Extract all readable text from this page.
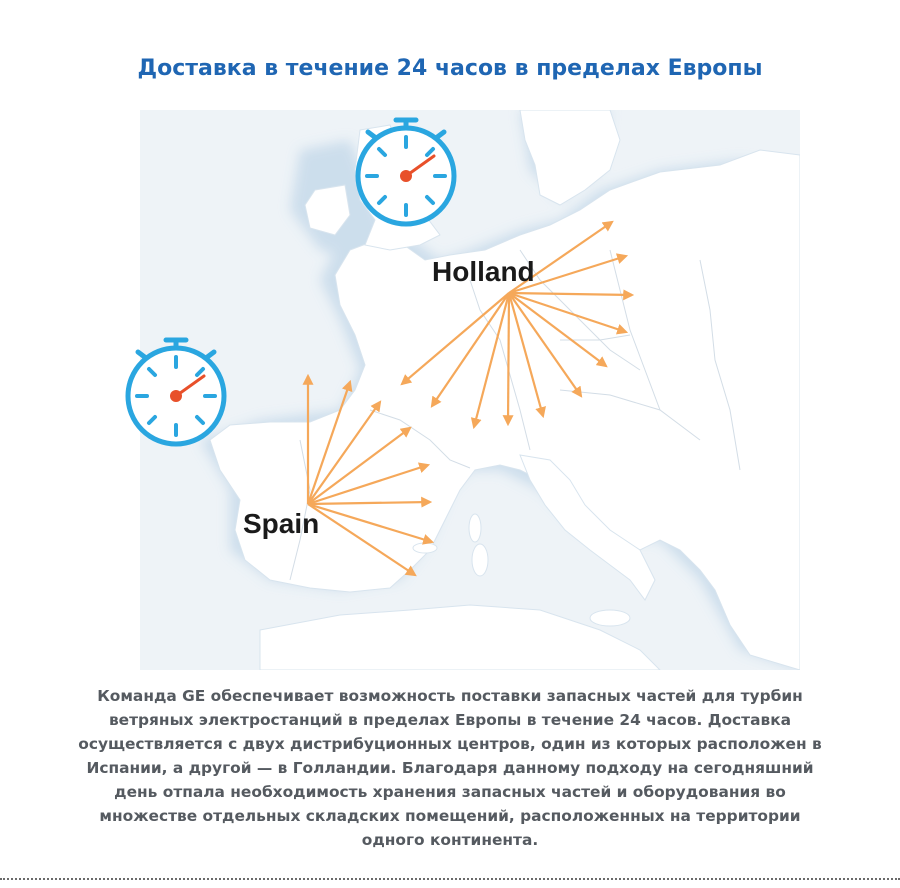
Доставка в течение 24 часов в пределах Европы
Holland
Spain
Команда GE обеспечивает возможность поставки запасных частей для турбин
ветряных электростанций в пределах Европы в течение 24 часов. Доставка
осуществляется с двух дистрибуционных центров, один из которых расположен в
Испании, а другой — в Голландии. Благодаря данному подходу на сегодняшний
день отпала необходимость хранения запасных частей и оборудования во
множестве отдельных складских помещений, расположенных на территории
одного континента.
